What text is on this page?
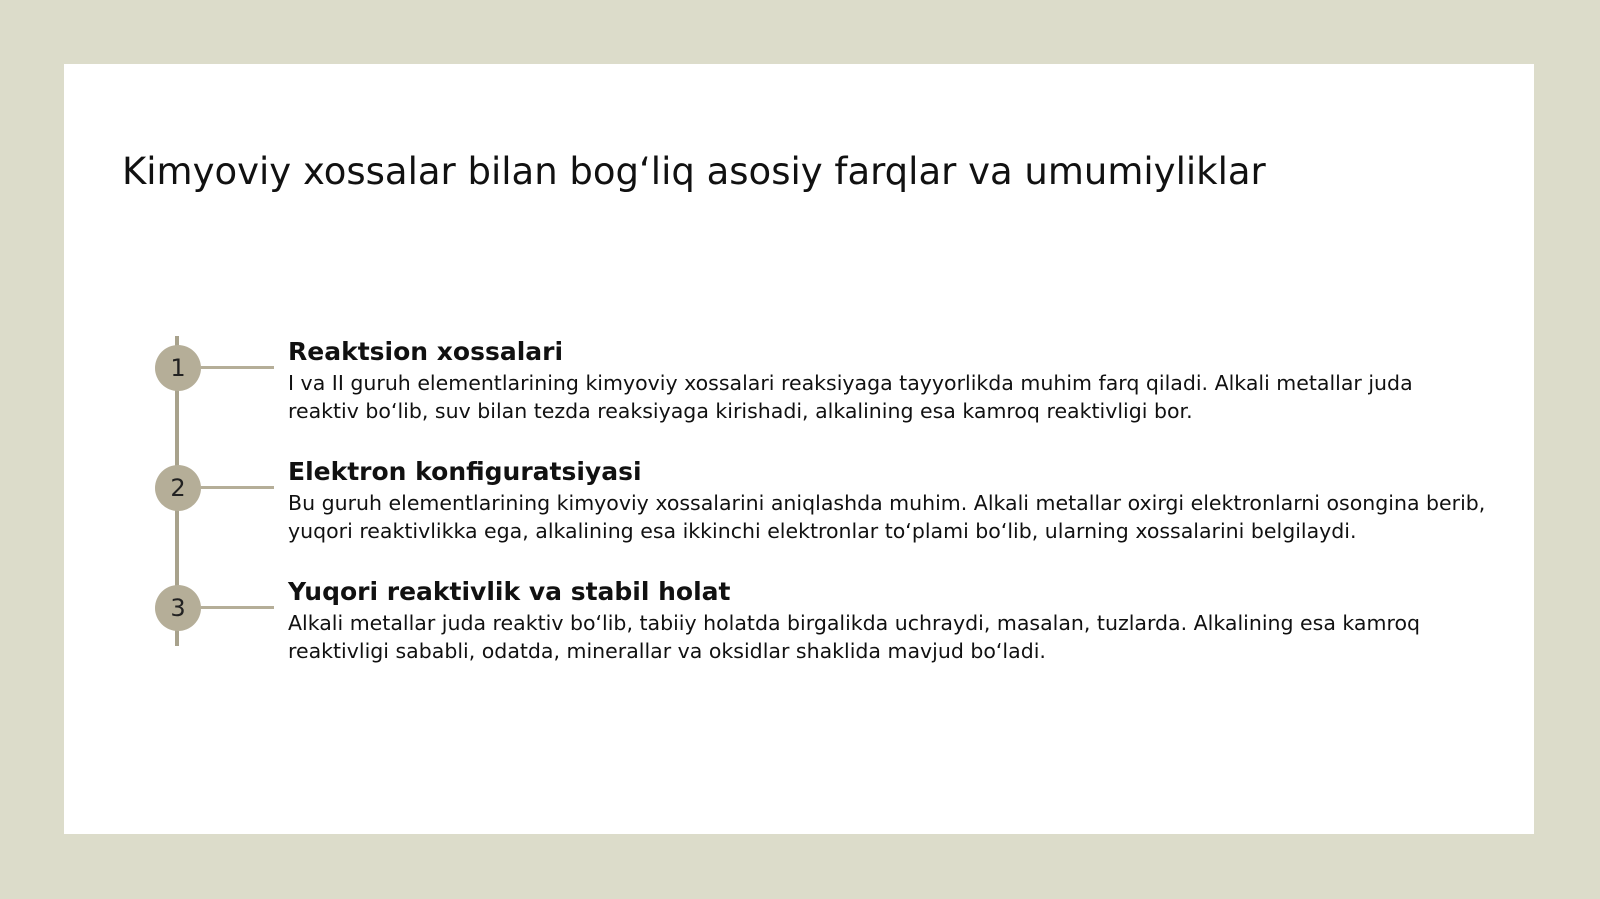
Kimyoviy xossalar bilan bog‘liq asosiy farqlar va umumiyliklar
1

Reaktsion xossalari

I va II guruh elementlarining kimyoviy xossalari reaksiyaga tayyorlikda muhim farq qiladi. Alkali metallar juda reaktiv bo‘lib, suv bilan tezda reaksiyaga kirishadi, alkalining esa kamroq reaktivligi bor.

2

Elektron konfiguratsiyasi

Bu guruh elementlarining kimyoviy xossalarini aniqlashda muhim. Alkali metallar oxirgi elektronlarni osongina berib, yuqori reaktivlikka ega, alkalining esa ikkinchi elektronlar to‘plami bo‘lib, ularning xossalarini belgilaydi.

3

Yuqori reaktivlik va stabil holat

Alkali metallar juda reaktiv bo‘lib, tabiiy holatda birgalikda uchraydi, masalan, tuzlarda. Alkalining esa kamroq reaktivligi sababli, odatda, minerallar va oksidlar shaklida mavjud bo‘ladi.
